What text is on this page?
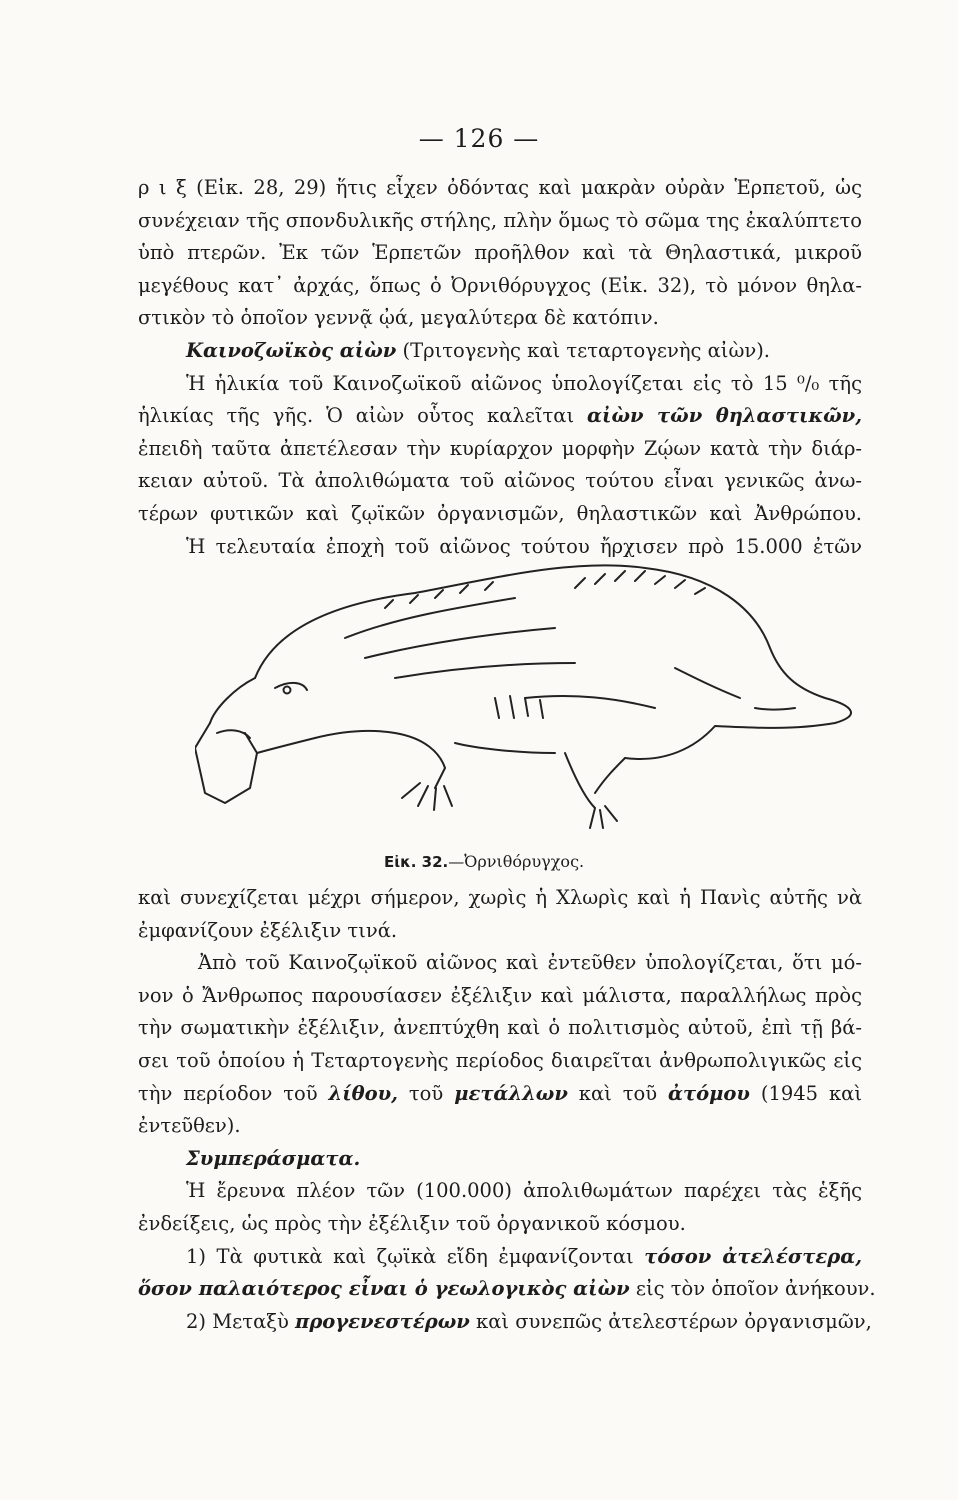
— 126 —
ρ ι ξ (Εἰκ. 28, 29) ἥτις εἶχεν ὀδόντας καὶ μακρὰν οὐρὰν Ἑρπετοῦ, ὡς
συνέχειαν τῆς σπονδυλικῆς στήλης, πλὴν ὅμως τὸ σῶμα της ἐκαλύπτετο
ὑπὸ πτερῶν. Ἐκ τῶν Ἑρπετῶν προῆλθον καὶ τὰ Θηλαστικά, μικροῦ
μεγέθους κατ᾽ ἀρχάς, ὅπως ὁ Ὀρνιθόρυγχος (Εἰκ. 32), τὸ μόνον θηλα-
στικὸν τὸ ὁποῖον γεννᾷ ᾠά, μεγαλύτερα δὲ κατόπιν.
Καινοζωϊκὸς αἰὼν (Τριτογενὴς καὶ τεταρτογενὴς αἰὼν).
Ἡ ἡλικία τοῦ Καινοζωϊκοῦ αἰῶνος ὑπολογίζεται εἰς τὸ 15 ⁰/₀ τῆς
ἡλικίας τῆς γῆς. Ὁ αἰὼν οὗτος καλεῖται αἰὼν τῶν θηλαστικῶν,
ἐπειδὴ ταῦτα ἀπετέλεσαν τὴν κυρίαρχον μορφὴν Ζῴων κατὰ τὴν διάρ-
κειαν αὐτοῦ. Τὰ ἀπολιθώματα τοῦ αἰῶνος τούτου εἶναι γενικῶς ἀνω-
τέρων φυτικῶν καὶ ζῳϊκῶν ὀργανισμῶν, θηλαστικῶν καὶ Ἀνθρώπου.
Ἡ τελευταία ἐποχὴ τοῦ αἰῶνος τούτου ἤρχισεν πρὸ 15.000 ἐτῶν
Εἰκ. 32.—Ὀρνιθόρυγχος.
καὶ συνεχίζεται μέχρι σήμερον, χωρὶς ἡ Χλωρὶς καὶ ἡ Πανὶς αὐτῆς νὰ
ἐμφανίζουν ἐξέλιξιν τινά.
Ἀπὸ τοῦ Καινοζῳϊκοῦ αἰῶνος καὶ ἐντεῦθεν ὑπολογίζεται, ὅτι μό-
νον ὁ Ἄνθρωπος παρουσίασεν ἐξέλιξιν καὶ μάλιστα, παραλλήλως πρὸς
τὴν σωματικὴν ἐξέλιξιν, ἀνεπτύχθη καὶ ὁ πολιτισμὸς αὐτοῦ, ἐπὶ τῇ βά-
σει τοῦ ὁποίου ἡ Τεταρτογενὴς περίοδος διαιρεῖται ἀνθρωπολιγικῶς εἰς
τὴν περίοδον τοῦ λίθου, τοῦ μετάλλων καὶ τοῦ ἀτόμου (1945 καὶ
ἐντεῦθεν).
Συμπεράσματα.
Ἡ ἔρευνα πλέον τῶν (100.000) ἀπολιθωμάτων παρέχει τὰς ἑξῆς
ἐνδείξεις, ὡς πρὸς τὴν ἐξέλιξιν τοῦ ὀργανικοῦ κόσμου.
1) Τὰ φυτικὰ καὶ ζῳϊκὰ εἴδη ἐμφανίζονται τόσον ἀτελέστερα,
ὅσον παλαιότερος εἶναι ὁ γεωλογικὸς αἰὼν εἰς τὸν ὁποῖον ἀνήκουν.
2) Μεταξὺ προγενεστέρων καὶ συνεπῶς ἀτελεστέρων ὀργανισμῶν,
